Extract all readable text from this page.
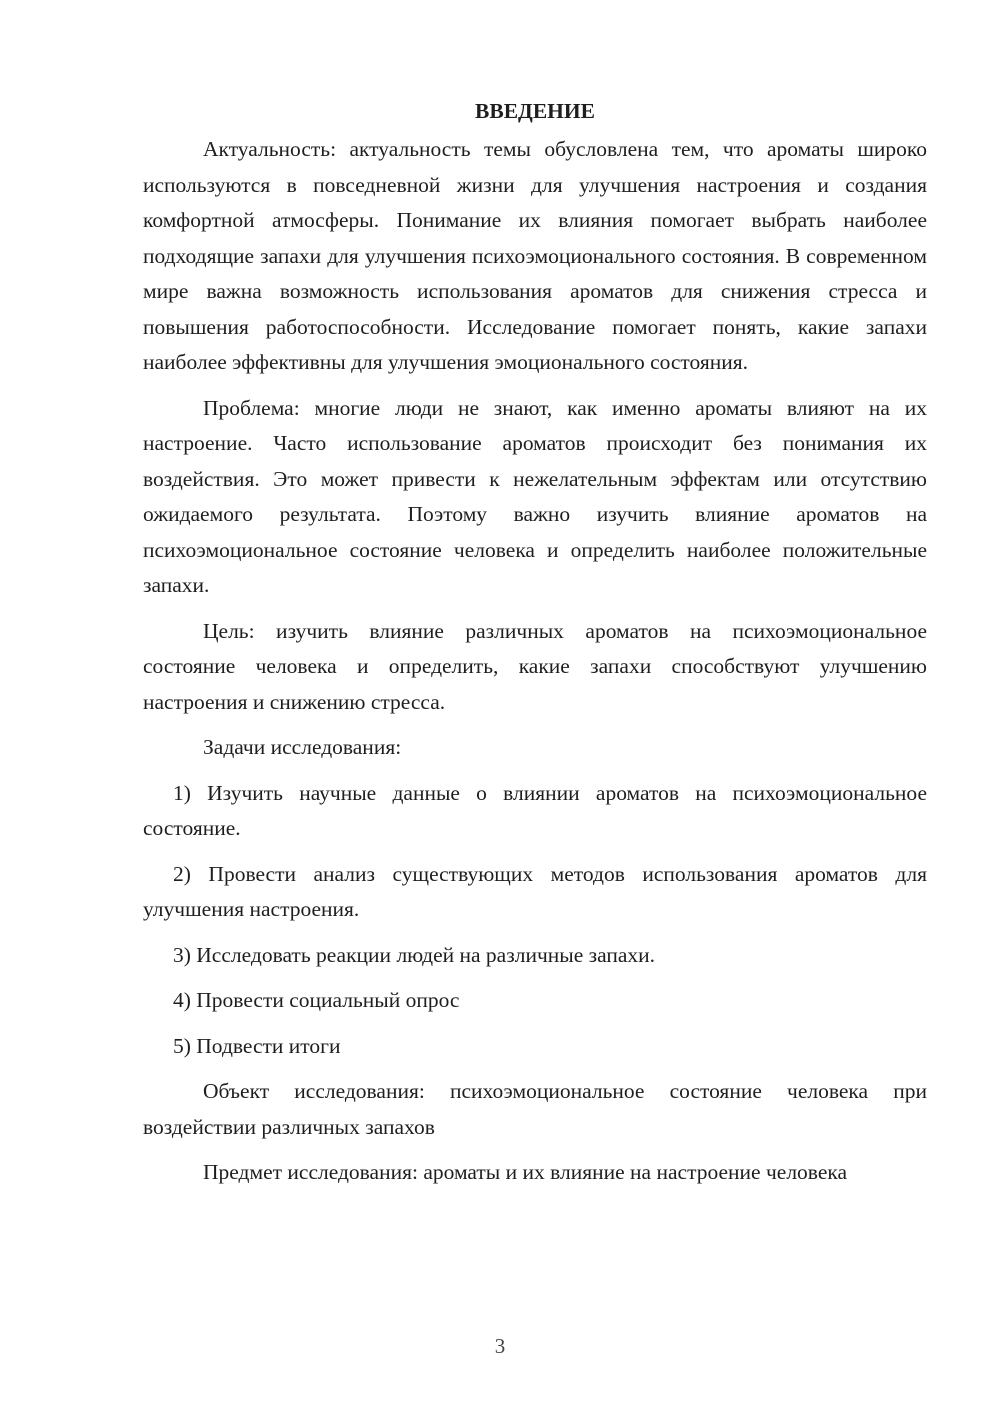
ВВЕДЕНИЕ

Актуальность: актуальность темы обусловлена тем, что ароматы широко используются в повседневной жизни для улучшения настроения и создания комфортной атмосферы. Понимание их влияния помогает выбрать наиболее подходящие запахи для улучшения психоэмоционального состояния. В современном мире важна возможность использования ароматов для снижения стресса и повышения работоспособности. Исследование помогает понять, какие запахи наиболее эффективны для улучшения эмоционального состояния.

Проблема: многие люди не знают, как именно ароматы влияют на их настроение. Часто использование ароматов происходит без понимания их воздействия. Это может привести к нежелательным эффектам или отсутствию ожидаемого результата. Поэтому важно изучить влияние ароматов на психоэмоциональное состояние человека и определить наиболее положительные запахи.

Цель: изучить влияние различных ароматов на психоэмоциональное состояние человека и определить, какие запахи способствуют улучшению настроения и снижению стресса.

Задачи исследования:

1) Изучить научные данные о влиянии ароматов на психоэмоциональное состояние.

2) Провести анализ существующих методов использования ароматов для улучшения настроения.

3) Исследовать реакции людей на различные запахи.

4) Провести социальный опрос

5) Подвести итоги

Объект исследования: психоэмоциональное состояние человека при воздействии различных запахов

Предмет исследования: ароматы и их влияние на настроение человека

3
